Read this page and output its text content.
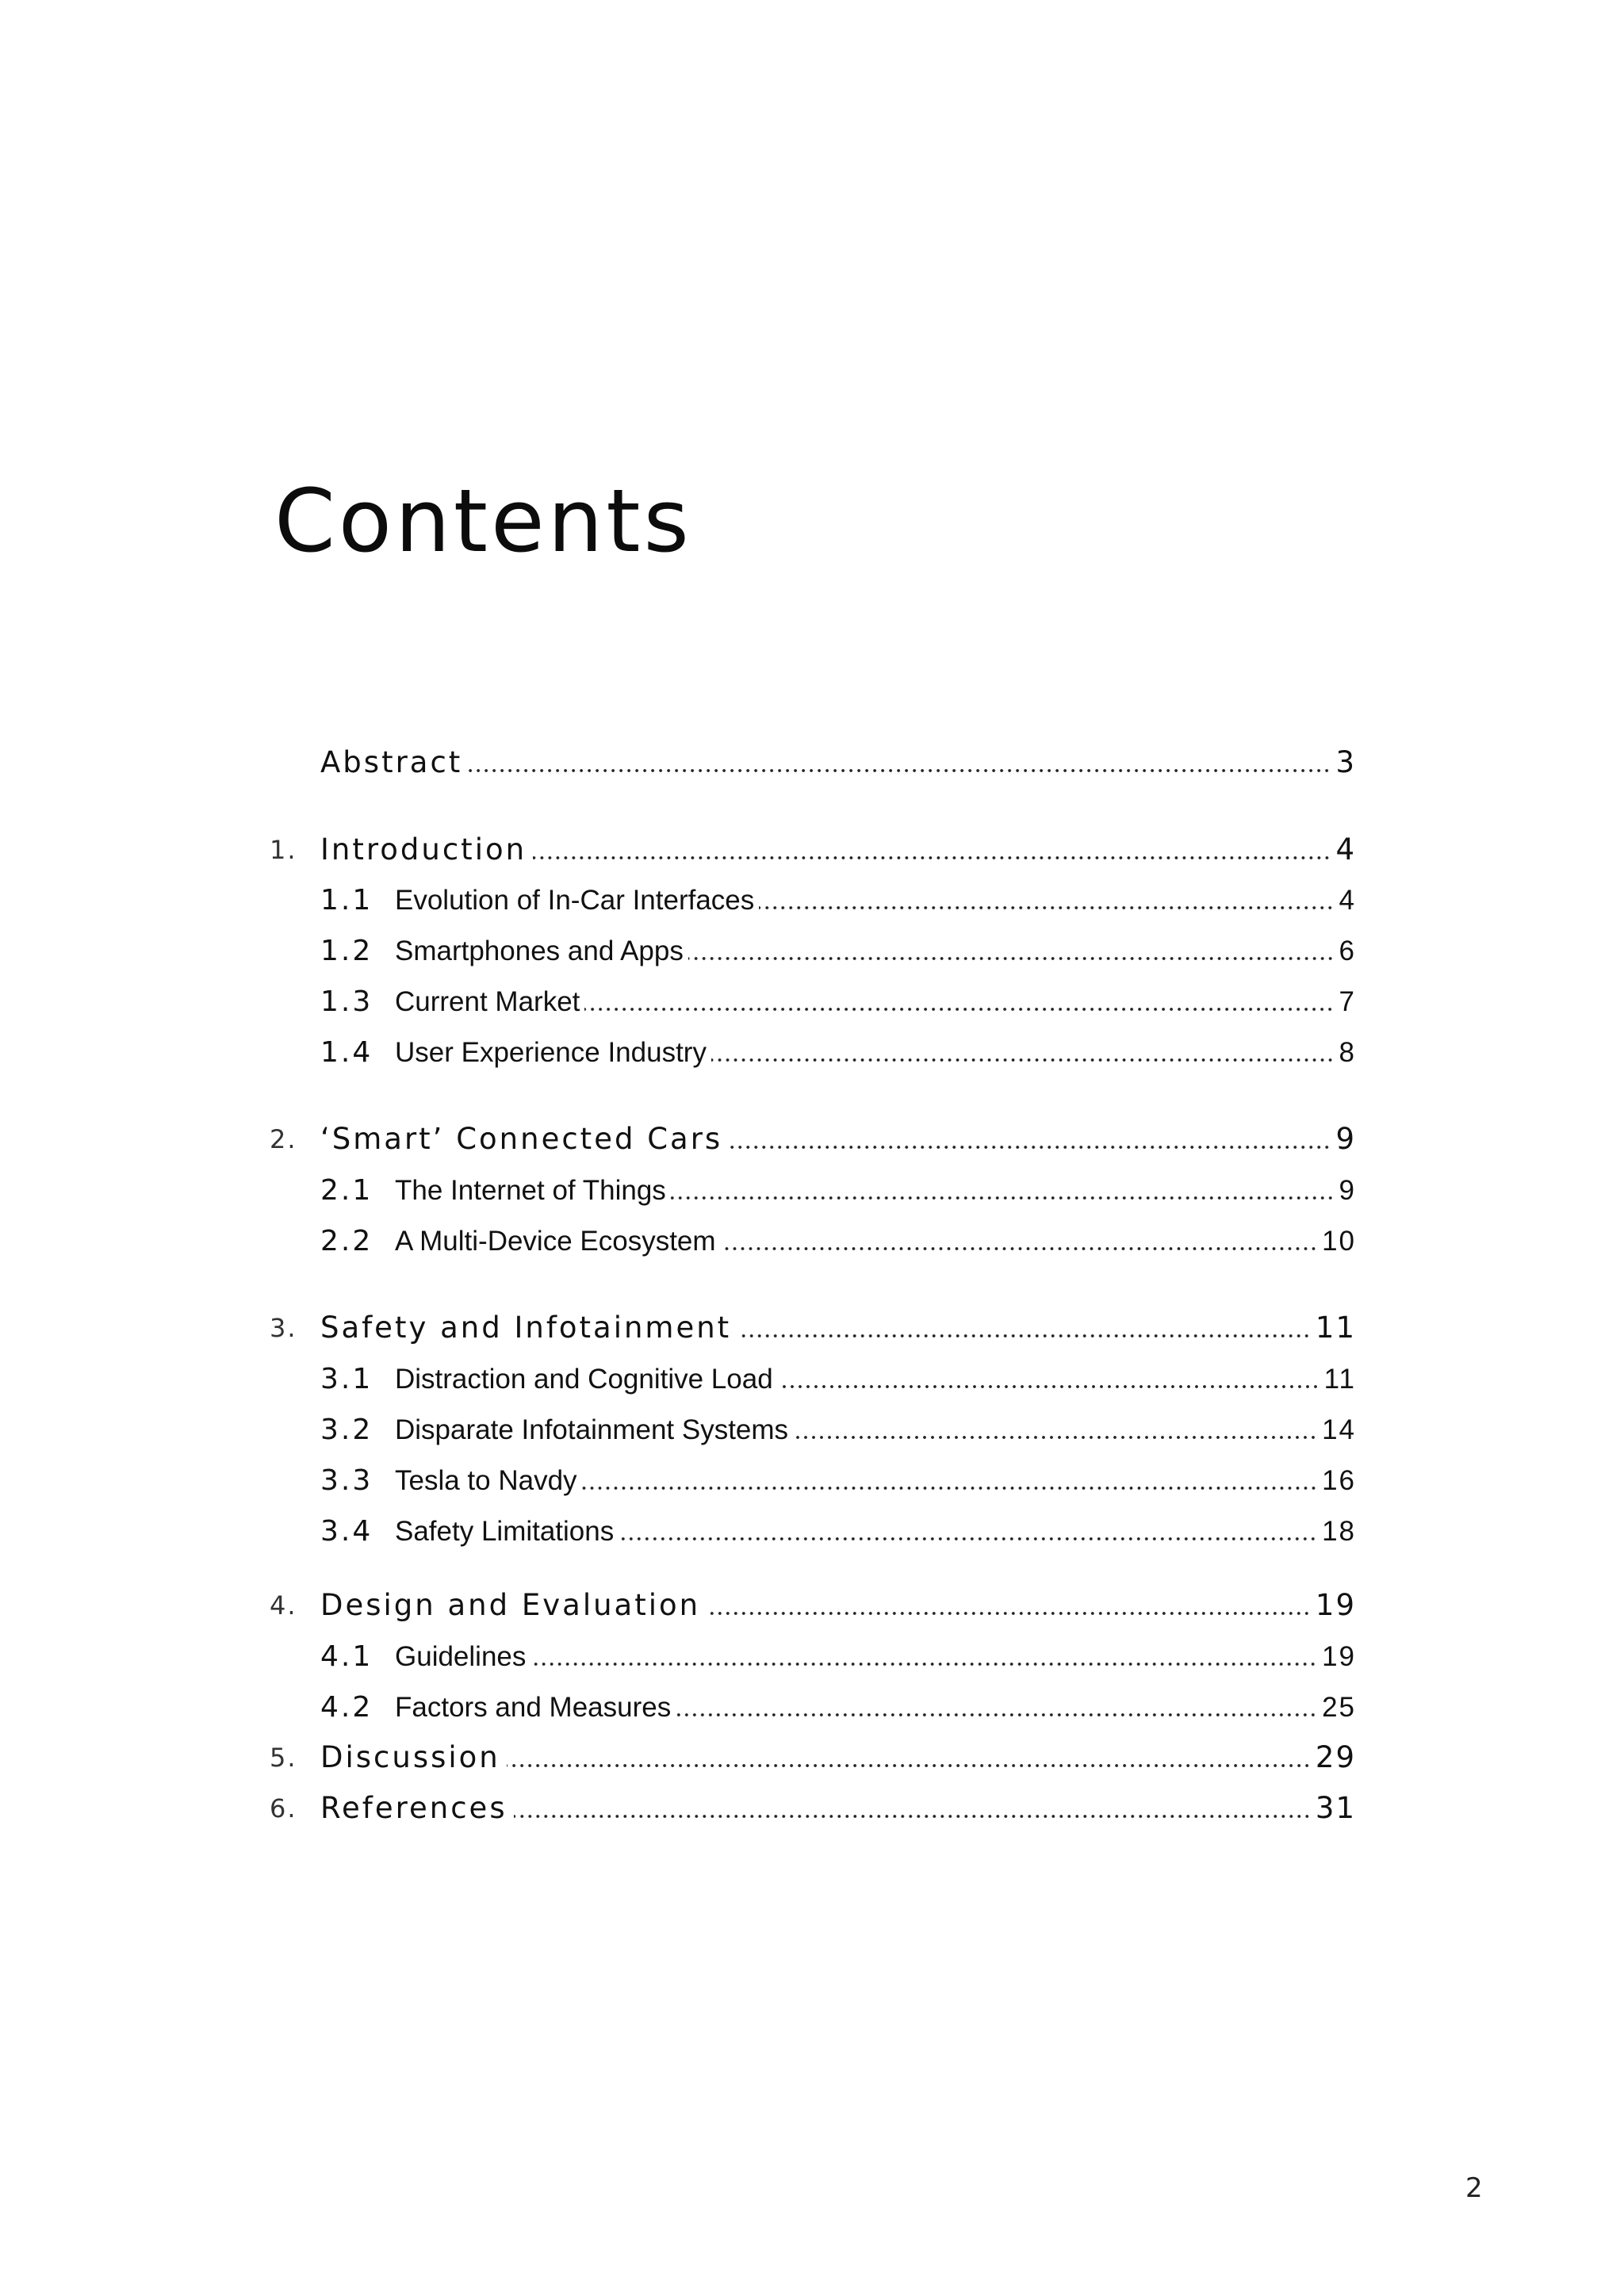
Contents
Abstract	3
1. Introduction	4
1.1 Evolution of In-Car Interfaces	4
1.2 Smartphones and Apps	6
1.3 Current Market	7
1.4 User Experience Industry	8
2. ‘Smart’ Connected Cars	9
2.1 The Internet of Things	9
2.2 A Multi-Device Ecosystem	10
3. Safety and Infotainment	11
3.1 Distraction and Cognitive Load	11
3.2 Disparate Infotainment Systems	14
3.3 Tesla to Navdy	16
3.4 Safety Limitations	18
4. Design and Evaluation	19
4.1 Guidelines	19
4.2 Factors and Measures	25
5. Discussion	29
6. References	31
2
